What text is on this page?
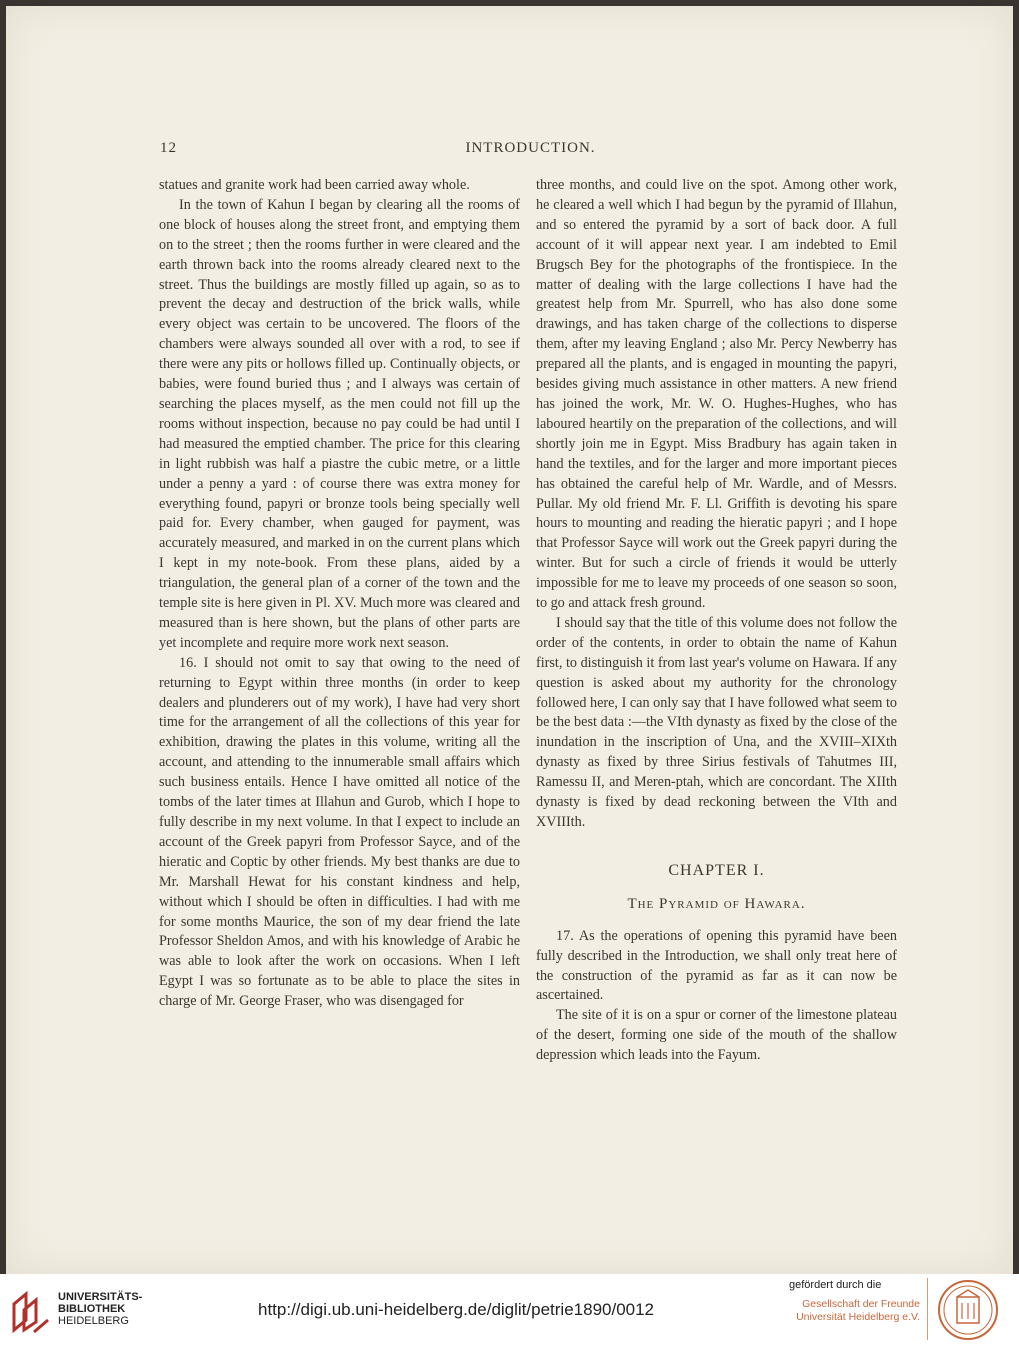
12	INTRODUCTION.

statues and granite work had been carried away whole.

In the town of Kahun I began by clearing all the rooms of one block of houses along the street front, and emptying them on to the street ; then the rooms further in were cleared and the earth thrown back into the rooms already cleared next to the street. Thus the buildings are mostly filled up again, so as to prevent the decay and destruction of the brick walls, while every object was certain to be uncovered. The floors of the chambers were always sounded all over with a rod, to see if there were any pits or hollows filled up. Continually objects, or babies, were found buried thus ; and I always was certain of searching the places myself, as the men could not fill up the rooms without inspection, because no pay could be had until I had measured the emptied chamber. The price for this clearing in light rubbish was half a piastre the cubic metre, or a little under a penny a yard : of course there was extra money for everything found, papyri or bronze tools being specially well paid for. Every chamber, when gauged for payment, was accurately measured, and marked in on the current plans which I kept in my note-book. From these plans, aided by a triangulation, the general plan of a corner of the town and the temple site is here given in Pl. XV. Much more was cleared and measured than is here shown, but the plans of other parts are yet incomplete and require more work next season.

16. I should not omit to say that owing to the need of returning to Egypt within three months (in order to keep dealers and plunderers out of my work), I have had very short time for the arrangement of all the collections of this year for exhibition, drawing the plates in this volume, writing all the account, and attending to the innumerable small affairs which such business entails. Hence I have omitted all notice of the tombs of the later times at Illahun and Gurob, which I hope to fully describe in my next volume. In that I expect to include an account of the Greek papyri from Professor Sayce, and of the hieratic and Coptic by other friends. My best thanks are due to Mr. Marshall Hewat for his constant kindness and help, without which I should be often in difficulties. I had with me for some months Maurice, the son of my dear friend the late Professor Sheldon Amos, and with his knowledge of Arabic he was able to look after the work on occasions. When I left Egypt I was so fortunate as to be able to place the sites in charge of Mr. George Fraser, who was disengaged for

three months, and could live on the spot. Among other work, he cleared a well which I had begun by the pyramid of Illahun, and so entered the pyramid by a sort of back door. A full account of it will appear next year. I am indebted to Emil Brugsch Bey for the photographs of the frontispiece. In the matter of dealing with the large collections I have had the greatest help from Mr. Spurrell, who has also done some drawings, and has taken charge of the collections to disperse them, after my leaving England ; also Mr. Percy Newberry has prepared all the plants, and is engaged in mounting the papyri, besides giving much assistance in other matters. A new friend has joined the work, Mr. W. O. Hughes-Hughes, who has laboured heartily on the preparation of the collections, and will shortly join me in Egypt. Miss Bradbury has again taken in hand the textiles, and for the larger and more important pieces has obtained the careful help of Mr. Wardle, and of Messrs. Pullar. My old friend Mr. F. Ll. Griffith is devoting his spare hours to mounting and reading the hieratic papyri ; and I hope that Professor Sayce will work out the Greek papyri during the winter. But for such a circle of friends it would be utterly impossible for me to leave my proceeds of one season so soon, to go and attack fresh ground.

I should say that the title of this volume does not follow the order of the contents, in order to obtain the name of Kahun first, to distinguish it from last year's volume on Hawara. If any question is asked about my authority for the chronology followed here, I can only say that I have followed what seem to be the best data :—the VIth dynasty as fixed by the close of the inundation in the inscription of Una, and the XVIII–XIXth dynasty as fixed by three Sirius festivals of Tahutmes III, Ramessu II, and Meren-ptah, which are concordant. The XIIth dynasty is fixed by dead reckoning between the VIth and XVIIIth.

CHAPTER I.
The Pyramid of Hawara.

17. As the operations of opening this pyramid have been fully described in the Introduction, we shall only treat here of the construction of the pyramid as far as it can now be ascertained.

The site of it is on a spur or corner of the limestone plateau of the desert, forming one side of the mouth of the shallow depression which leads into the Fayum.

UNIVERSITÄTS-
BIBLIOTHEK
HEIDELBERG
http://digi.ub.uni-heidelberg.de/diglit/petrie1890/0012
gefördert durch die
Gesellschaft der Freunde
Universität Heidelberg e.V.
